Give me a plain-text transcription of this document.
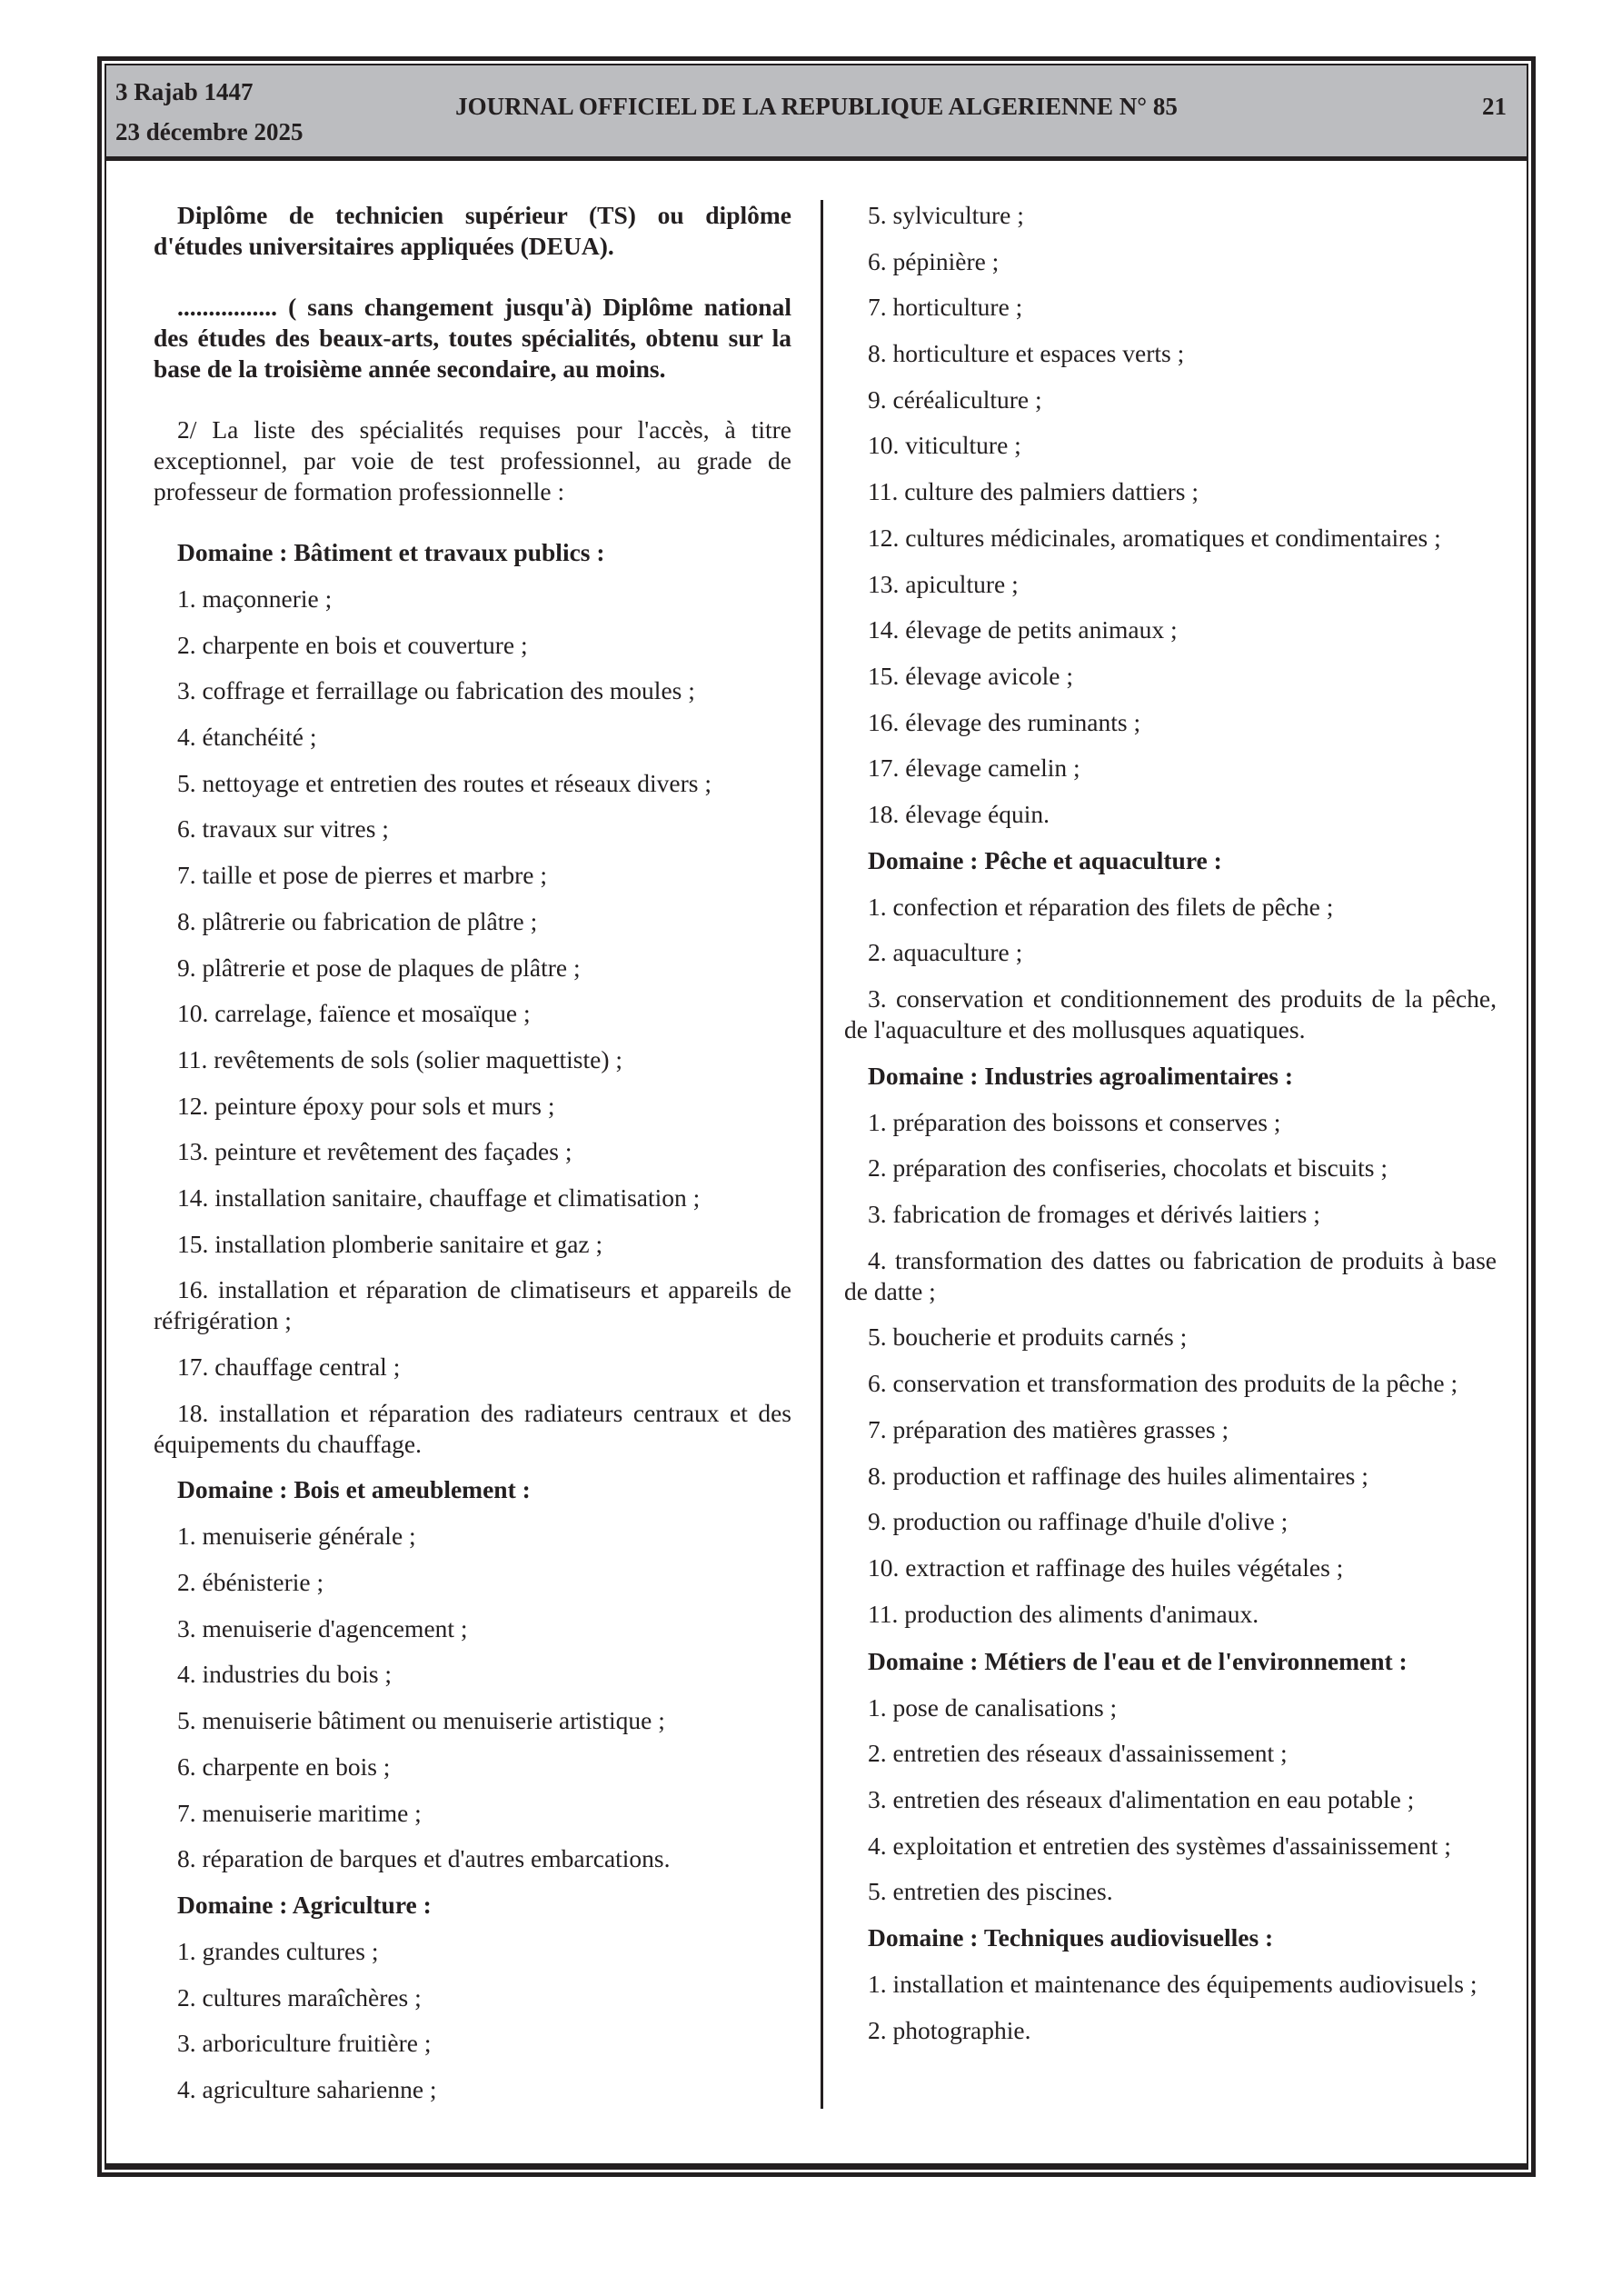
3 Rajab 1447
23 décembre 2025
JOURNAL OFFICIEL DE LA REPUBLIQUE ALGERIENNE N° 85	21

Diplôme de technicien supérieur (TS) ou diplôme d'études universitaires appliquées (DEUA).

................ ( sans changement jusqu'à) Diplôme national des études des beaux-arts, toutes spécialités, obtenu sur la base de la troisième année secondaire, au moins.

2/ La liste des spécialités requises pour l'accès, à titre exceptionnel, par voie de test professionnel, au grade de professeur de formation professionnelle :

Domaine : Bâtiment et travaux publics :
1. maçonnerie ;
2. charpente en bois et couverture ;
3. coffrage et ferraillage ou fabrication des moules ;
4. étanchéité ;
5. nettoyage et entretien des routes et réseaux divers ;
6. travaux sur vitres ;
7. taille et pose de pierres et marbre ;
8. plâtrerie ou fabrication de plâtre ;
9. plâtrerie et pose de plaques de plâtre ;
10. carrelage, faïence et mosaïque ;
11. revêtements de sols (solier maquettiste) ;
12. peinture époxy pour sols et murs ;
13. peinture et revêtement des façades ;
14. installation sanitaire, chauffage et climatisation ;
15. installation plomberie sanitaire et gaz ;
16. installation et réparation de climatiseurs et appareils de réfrigération ;
17. chauffage central ;
18. installation et réparation des radiateurs centraux et des équipements du chauffage.
Domaine : Bois et ameublement :
1. menuiserie générale ;
2. ébénisterie ;
3. menuiserie d'agencement ;
4. industries du bois ;
5. menuiserie bâtiment ou menuiserie artistique ;
6. charpente en bois ;
7. menuiserie maritime ;
8. réparation de barques et d'autres embarcations.
Domaine : Agriculture :
1. grandes cultures ;
2. cultures maraîchères ;
3. arboriculture fruitière ;
4. agriculture saharienne ;
5. sylviculture ;
6. pépinière ;
7. horticulture ;
8. horticulture et espaces verts ;
9. céréaliculture ;
10. viticulture ;
11. culture des palmiers dattiers ;
12. cultures médicinales, aromatiques et condimentaires ;
13. apiculture ;
14. élevage de petits animaux ;
15. élevage avicole ;
16. élevage des ruminants ;
17. élevage camelin ;
18. élevage équin.
Domaine : Pêche et aquaculture :
1. confection et réparation des filets de pêche ;
2. aquaculture ;
3. conservation et conditionnement des produits de la pêche, de l'aquaculture et des mollusques aquatiques.
Domaine : Industries agroalimentaires :
1. préparation des boissons et conserves ;
2. préparation des confiseries, chocolats et biscuits ;
3. fabrication de fromages et dérivés laitiers ;
4. transformation des dattes ou fabrication de produits à base de datte ;
5. boucherie et produits carnés ;
6. conservation et transformation des produits de la pêche ;
7. préparation des matières grasses ;
8. production et raffinage des huiles alimentaires ;
9. production ou raffinage d'huile d'olive ;
10. extraction et raffinage des huiles végétales ;
11. production des aliments d'animaux.
Domaine : Métiers de l'eau et de l'environnement :
1. pose de canalisations ;
2. entretien des réseaux d'assainissement ;
3. entretien des réseaux d'alimentation en eau potable ;
4. exploitation et entretien des systèmes d'assainissement ;
5. entretien des piscines.
Domaine : Techniques audiovisuelles :
1. installation et maintenance des équipements audiovisuels ;
2. photographie.
